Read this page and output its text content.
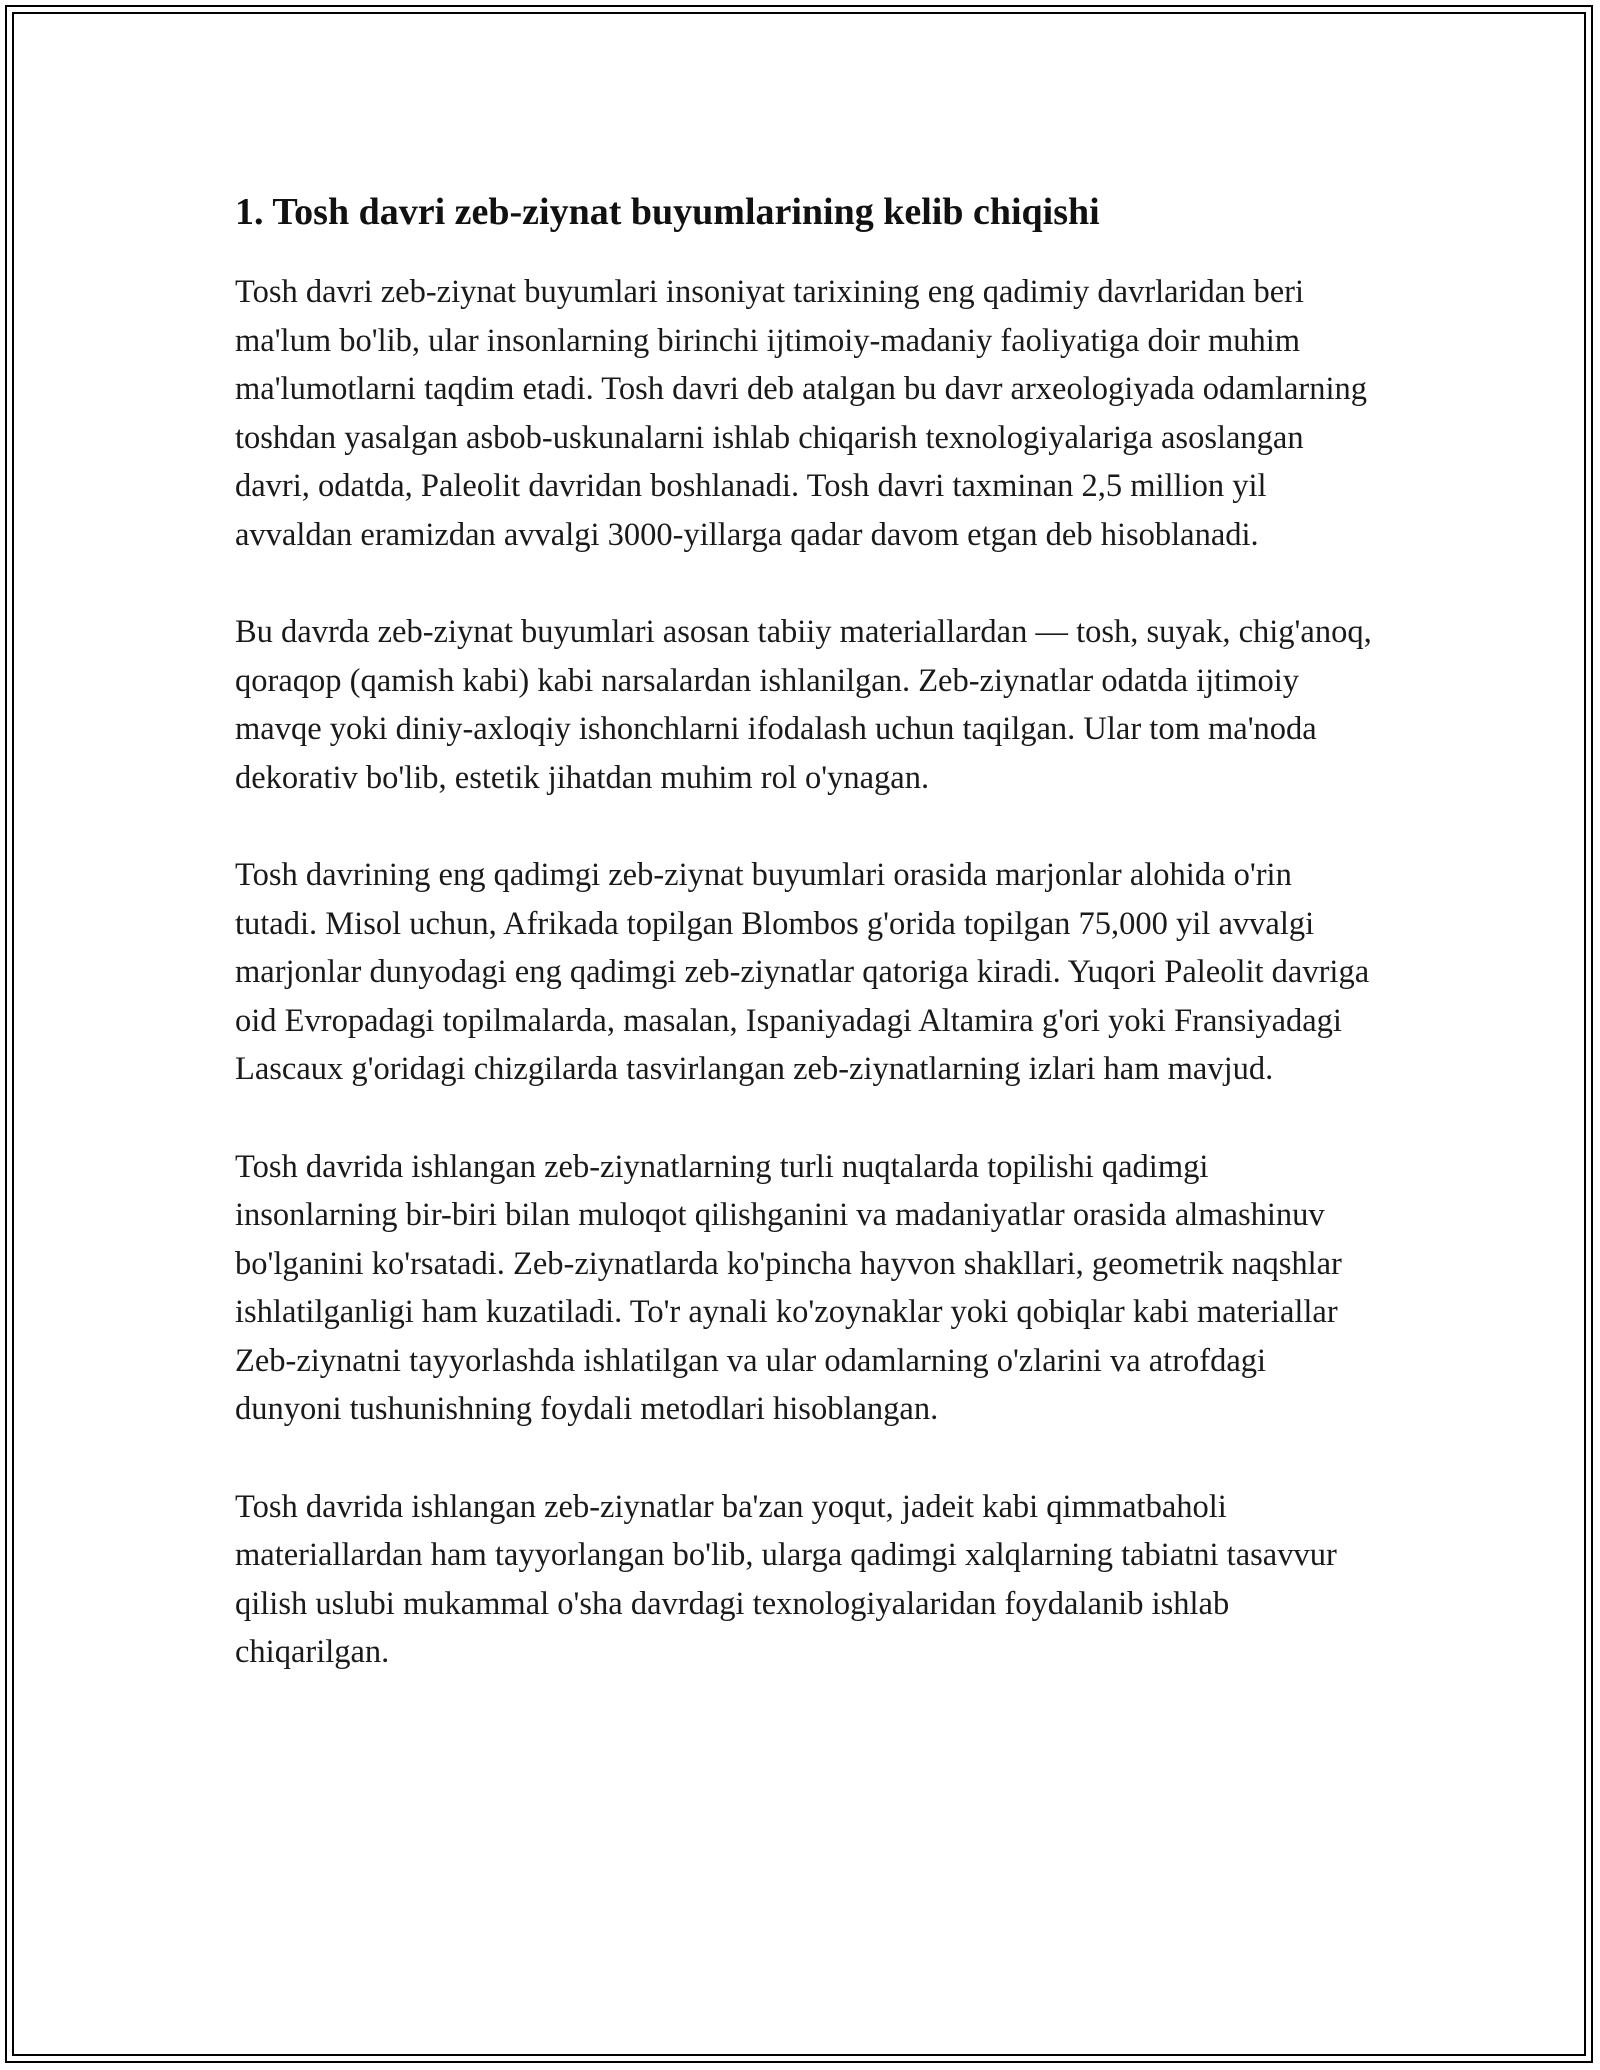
1. Tosh davri zeb-ziynat buyumlarining kelib chiqishi

Tosh davri zeb-ziynat buyumlari insoniyat tarixining eng qadimiy davrlaridan beri ma'lum bo'lib, ular insonlarning birinchi ijtimoiy-madaniy faoliyatiga doir muhim ma'lumotlarni taqdim etadi. Tosh davri deb atalgan bu davr arxeologiyada odamlarning toshdan yasalgan asbob-uskunalarni ishlab chiqarish texnologiyalariga asoslangan davri, odatda, Paleolit davridan boshlanadi. Tosh davri taxminan 2,5 million yil avvaldan eramizdan avvalgi 3000-yillarga qadar davom etgan deb hisoblanadi.

Bu davrda zeb-ziynat buyumlari asosan tabiiy materiallardan — tosh, suyak, chig'anoq, qoraqop (qamish kabi) kabi narsalardan ishlanilgan. Zeb-ziynatlar odatda ijtimoiy mavqe yoki diniy-axloqiy ishonchlarni ifodalash uchun taqilgan. Ular tom ma'noda dekorativ bo'lib, estetik jihatdan muhim rol o'ynagan.

Tosh davrining eng qadimgi zeb-ziynat buyumlari orasida marjonlar alohida o'rin tutadi. Misol uchun, Afrikada topilgan Blombos g'orida topilgan 75,000 yil avvalgi marjonlar dunyodagi eng qadimgi zeb-ziynatlar qatoriga kiradi. Yuqori Paleolit davriga oid Evropadagi topilmalarda, masalan, Ispaniyadagi Altamira g'ori yoki Fransiyadagi Lascaux g'oridagi chizgilarda tasvirlangan zeb-ziynatlarning izlari ham mavjud.

Tosh davrida ishlangan zeb-ziynatlarning turli nuqtalarda topilishi qadimgi insonlarning bir-biri bilan muloqot qilishganini va madaniyatlar orasida almashinuv bo'lganini ko'rsatadi. Zeb-ziynatlarda ko'pincha hayvon shakllari, geometrik naqshlar ishlatilganligi ham kuzatiladi. To'r aynali ko'zoynaklar yoki qobiqlar kabi materiallar Zeb-ziynatni tayyorlashda ishlatilgan va ular odamlarning o'zlarini va atrofdagi dunyoni tushunishning foydali metodlari hisoblangan.

Tosh davrida ishlangan zeb-ziynatlar ba'zan yoqut, jadeit kabi qimmatbaholi materiallardan ham tayyorlangan bo'lib, ularga qadimgi xalqlarning tabiatni tasavvur qilish uslubi mukammal o'sha davrdagi texnologiyalaridan foydalanib ishlab chiqarilgan.
